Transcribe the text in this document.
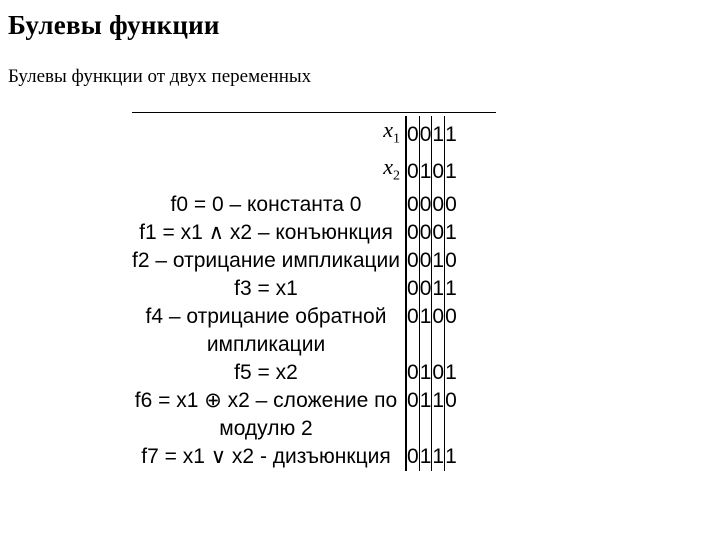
Булевы функции
Булевы функции от двух переменных
$x_1$	0	0	1	1
$x_2$	0	1	0	1
f0 = 0 – константа 0	0	0	0	0
f1 = x1 ∧ x2 – конъюнкция	0	0	0	1
f2 – отрицание импликации	0	0	1	0
f3 = x1	0	0	1	1
f4 – отрицание обратной	0	1	0	0
импликации				
f5 = x2	0	1	0	1
f6 = x1 ⊕ x2 – сложение по	0	1	1	0
модулю 2				
f7 = x1 ∨ x2 - дизъюнкция	0	1	1	1
